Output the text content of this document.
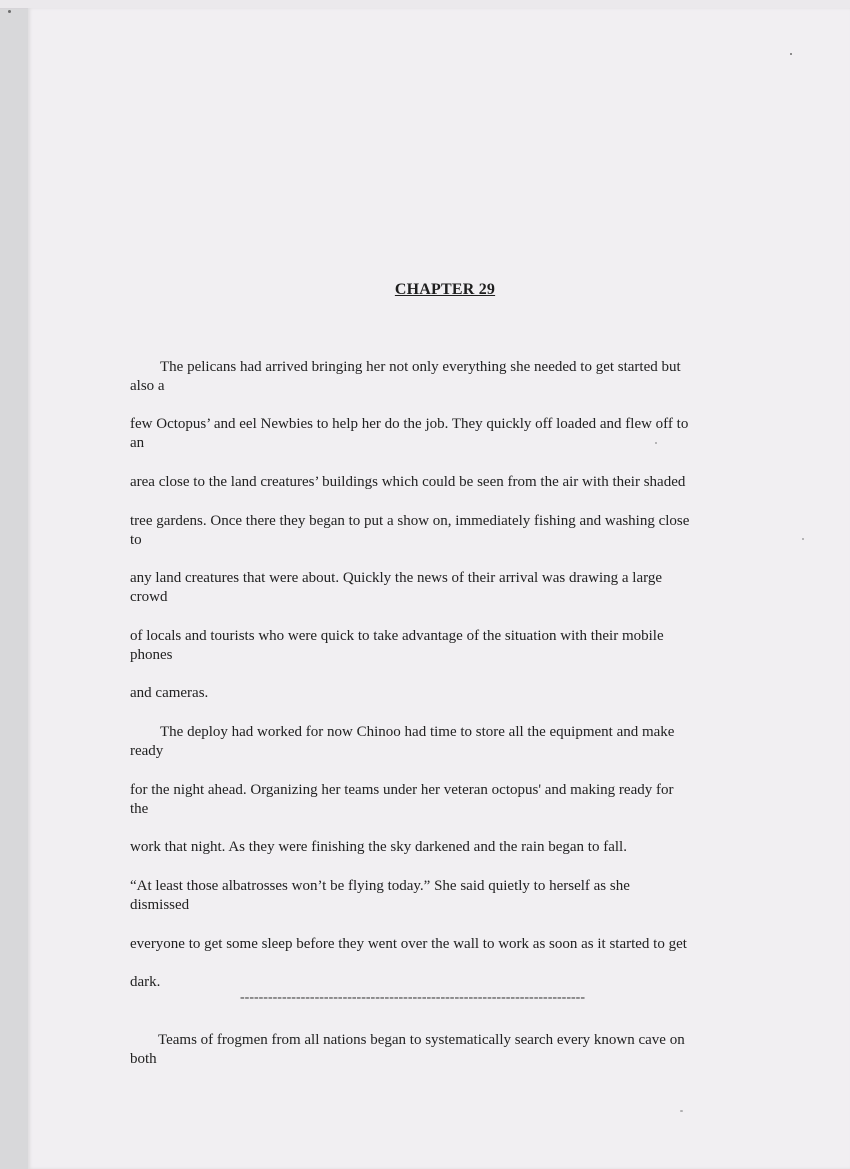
CHAPTER 29
The pelicans had arrived bringing her not only everything she needed to get started but
also a
few Octopus’ and eel Newbies to help her do the job. They quickly off loaded and flew off to
an
area close to the land creatures’ buildings which could be seen from the air with their shaded
tree gardens. Once there they began to put a show on, immediately fishing and washing close
to
any land creatures that were about. Quickly the news of their arrival was drawing a large
crowd
of locals and tourists who were quick to take advantage of the situation with their mobile
phones
and cameras.
The deploy had worked for now Chinoo had time to store all the equipment and make
ready
for the night ahead. Organizing her teams under her veteran octopus' and making ready for
the
work that night. As they were finishing the sky darkened and the rain began to fall.
“At least those albatrosses won’t be flying today.” She said quietly to herself as she
dismissed
everyone to get some sleep before they went over the wall to work as soon as it started to get
dark.
--------------------------------------------------------------------------
Teams of frogmen from all nations began to systematically search every known cave on
both
